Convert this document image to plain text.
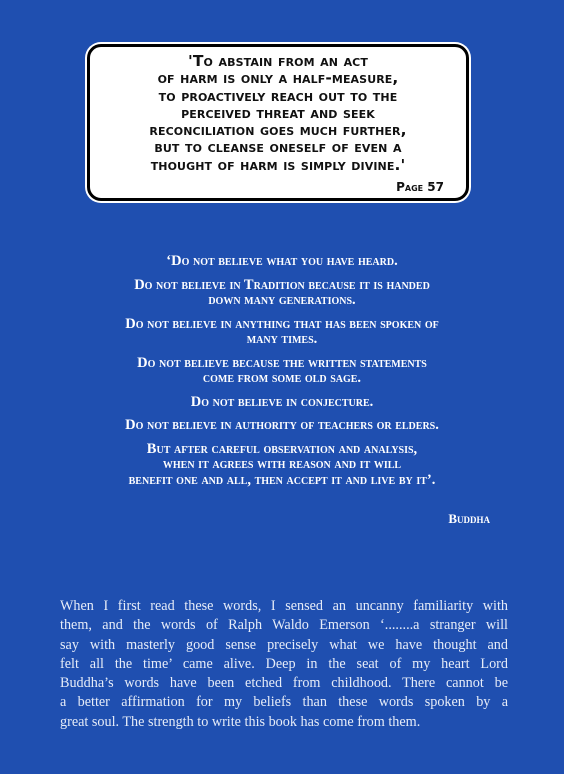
'To abstain from an act
of harm is only a half-measure,
to proactively reach out to the
perceived threat and seek
reconciliation goes much further,
but to cleanse oneself of even a
thought of harm is simply divine.'
Page 57
‘Do not believe what you have heard.
Do not believe in Tradition because it is handed
down many generations.
Do not believe in anything that has been spoken of
many times.
Do not believe because the written statements
come from some old sage.
Do not believe in conjecture.
Do not believe in authority of teachers or elders.
But after careful observation and analysis,
when it agrees with reason and it will
benefit one and all, then accept it and live by it’.
Buddha
When I first read these words, I sensed an uncanny familiarity with
them, and the words of Ralph Waldo Emerson ‘........a stranger will
say with masterly good sense precisely what we have thought and
felt all the time’ came alive. Deep in the seat of my heart Lord
Buddha’s words have been etched from childhood. There cannot be
a better affirmation for my beliefs than these words spoken by a
great soul. The strength to write this book has come from them.
